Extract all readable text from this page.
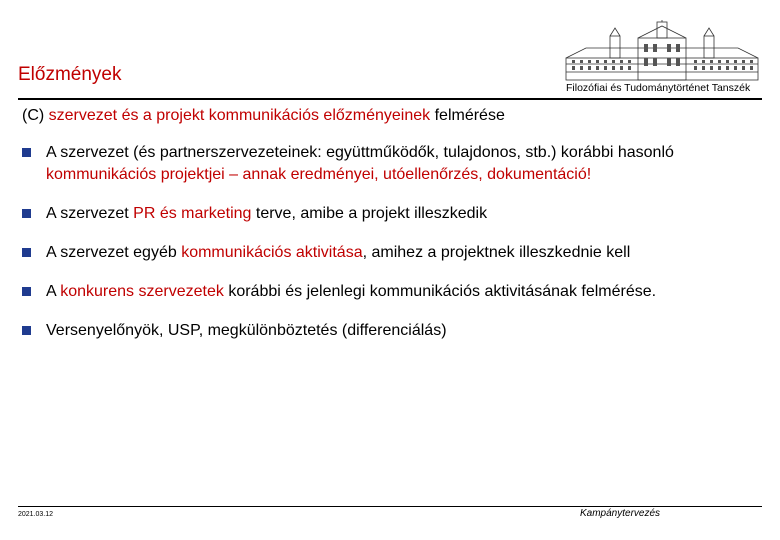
Előzmények
Filozófiai és Tudománytörténet Tanszék
(C) szervezet és a projekt kommunikációs előzményeinek felmérése
A szervezet (és partnerszervezeteinek: együttműködők, tulajdonos, stb.) korábbi hasonló kommunikációs projektjei – annak eredményei, utóellenőrzés, dokumentáció!
A szervezet PR és marketing terve, amibe a projekt illeszkedik
A szervezet egyéb kommunikációs aktivitása, amihez a projektnek illeszkednie kell
A konkurens szervezetek korábbi és jelenlegi kommunikációs aktivitásának felmérése.
Versenyelőnyök, USP, megkülönböztetés (differenciálás)
2021.03.12	Kampánytervezés
